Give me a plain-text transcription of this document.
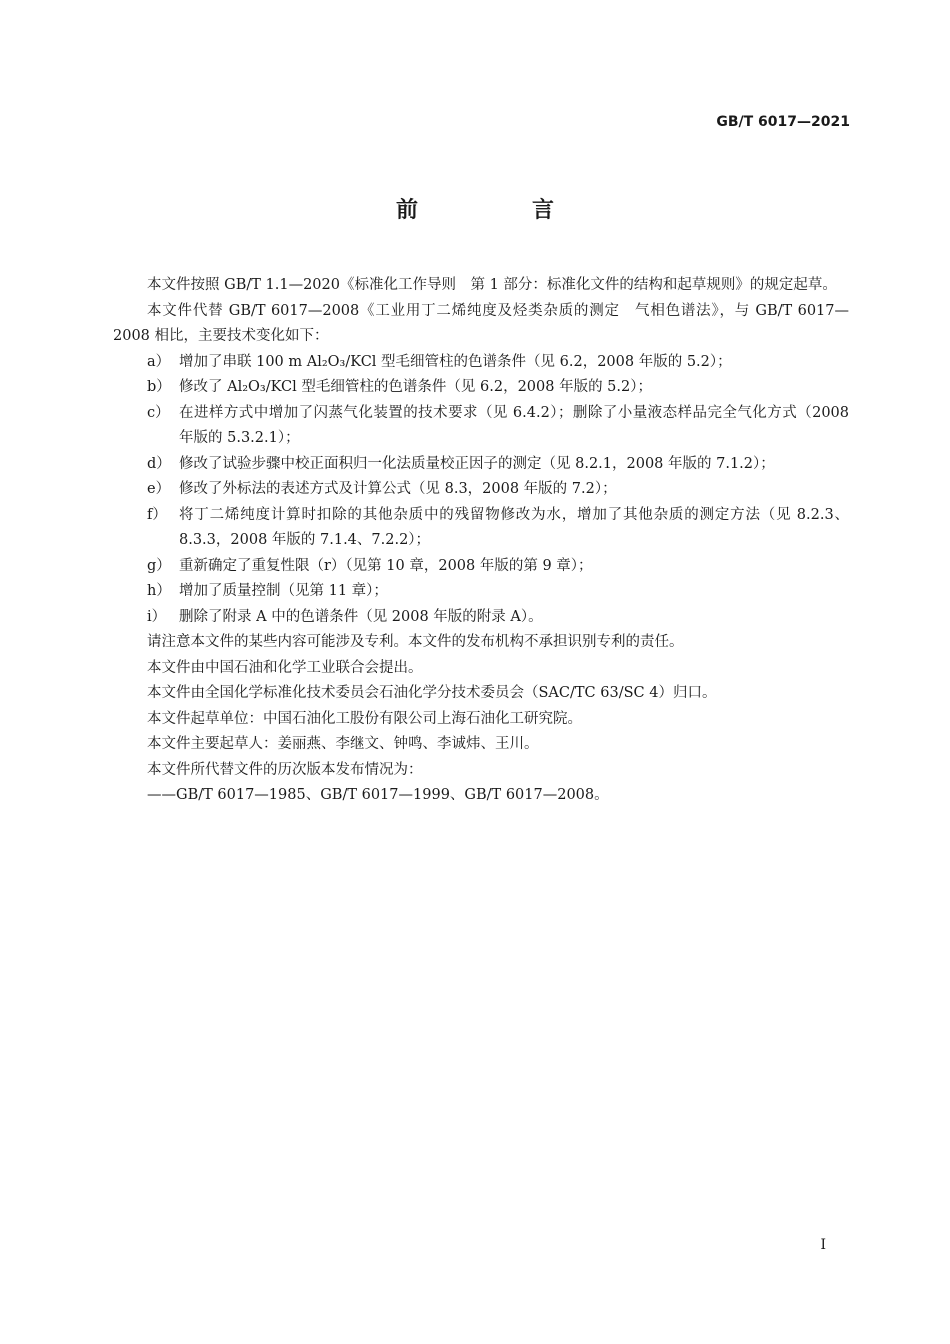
GB/T 6017—2021

前　言

本文件按照 GB/T 1.1—2020《标准化工作导则　第 1 部分：标准化文件的结构和起草规则》的规定起草。

本文件代替 GB/T 6017—2008《工业用丁二烯纯度及烃类杂质的测定　气相色谱法》，与 GB/T 6017—2008 相比，主要技术变化如下：

a） 增加了串联 100 m Al₂O₃/KCl 型毛细管柱的色谱条件（见 6.2，2008 年版的 5.2）；

b） 修改了 Al₂O₃/KCl 型毛细管柱的色谱条件（见 6.2，2008 年版的 5.2）；

c） 在进样方式中增加了闪蒸气化装置的技术要求（见 6.4.2）；删除了小量液态样品完全气化方式（2008 年版的 5.3.2.1）；

d） 修改了试验步骤中校正面积归一化法质量校正因子的测定（见 8.2.1，2008 年版的 7.1.2）；

e） 修改了外标法的表述方式及计算公式（见 8.3，2008 年版的 7.2）；

f） 将丁二烯纯度计算时扣除的其他杂质中的残留物修改为水，增加了其他杂质的测定方法（见 8.2.3、8.3.3，2008 年版的 7.1.4、7.2.2）；

g） 重新确定了重复性限（r）（见第 10 章，2008 年版的第 9 章）；

h） 增加了质量控制（见第 11 章）；

i） 删除了附录 A 中的色谱条件（见 2008 年版的附录 A）。

请注意本文件的某些内容可能涉及专利。本文件的发布机构不承担识别专利的责任。

本文件由中国石油和化学工业联合会提出。

本文件由全国化学标准化技术委员会石油化学分技术委员会（SAC/TC 63/SC 4）归口。

本文件起草单位：中国石油化工股份有限公司上海石油化工研究院。

本文件主要起草人：姜丽燕、李继文、钟鸣、李诚炜、王川。

本文件所代替文件的历次版本发布情况为：

——GB/T 6017—1985、GB/T 6017—1999、GB/T 6017—2008。

I
